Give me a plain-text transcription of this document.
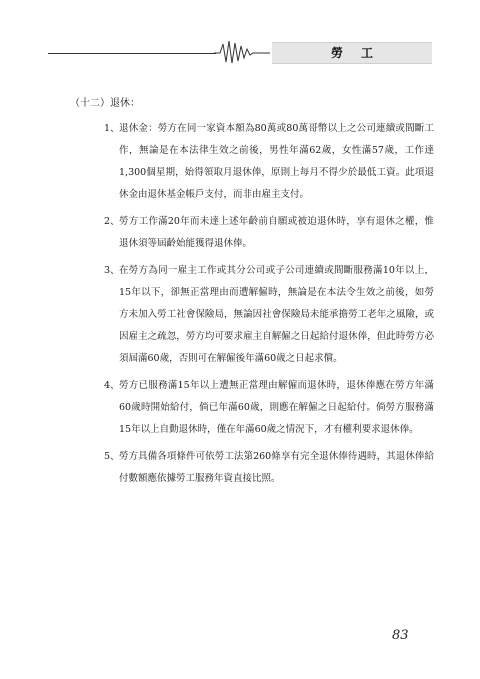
勞工
（十二）退休：
1、 退休金：勞方在同一家資本額為80萬或80萬哥幣以上之公司連續或間斷工作，無論是在本法律生效之前後，男性年滿62歲，女性滿57歲，工作達1,300個星期，始得領取月退休俸，原則上每月不得少於最低工資。此項退休金由退休基金帳戶支付，而非由雇主支付。
2、 勞方工作滿20年而未達上述年齡前自願或被迫退休時，享有退休之權，惟退休須等屆齡始能獲得退休俸。
3、 在勞方為同一雇主工作或其分公司或子公司連續或間斷服務滿10年以上，15年以下，卻無正當理由而遭解僱時，無論是在本法令生效之前後，如勞方未加入勞工社會保險局，無論因社會保險局未能承擔勞工老年之風險，或因雇主之疏忽，勞方均可要求雇主自解僱之日起給付退休俸，但此時勞方必須屆滿60歲，否則可在解僱後年滿60歲之日起求償。
4、 勞方已服務滿15年以上遭無正當理由解僱而退休時，退休俸應在勞方年滿60歲時開始給付，倘已年滿60歲，則應在解僱之日起給付。倘勞方服務滿15年以上自動退休時，僅在年滿60歲之情況下，才有權利要求退休俸。
5、 勞方具備各項條件可依勞工法第260條享有完全退休俸待遇時，其退休俸給付數額應依據勞工服務年資直接比照。
83
